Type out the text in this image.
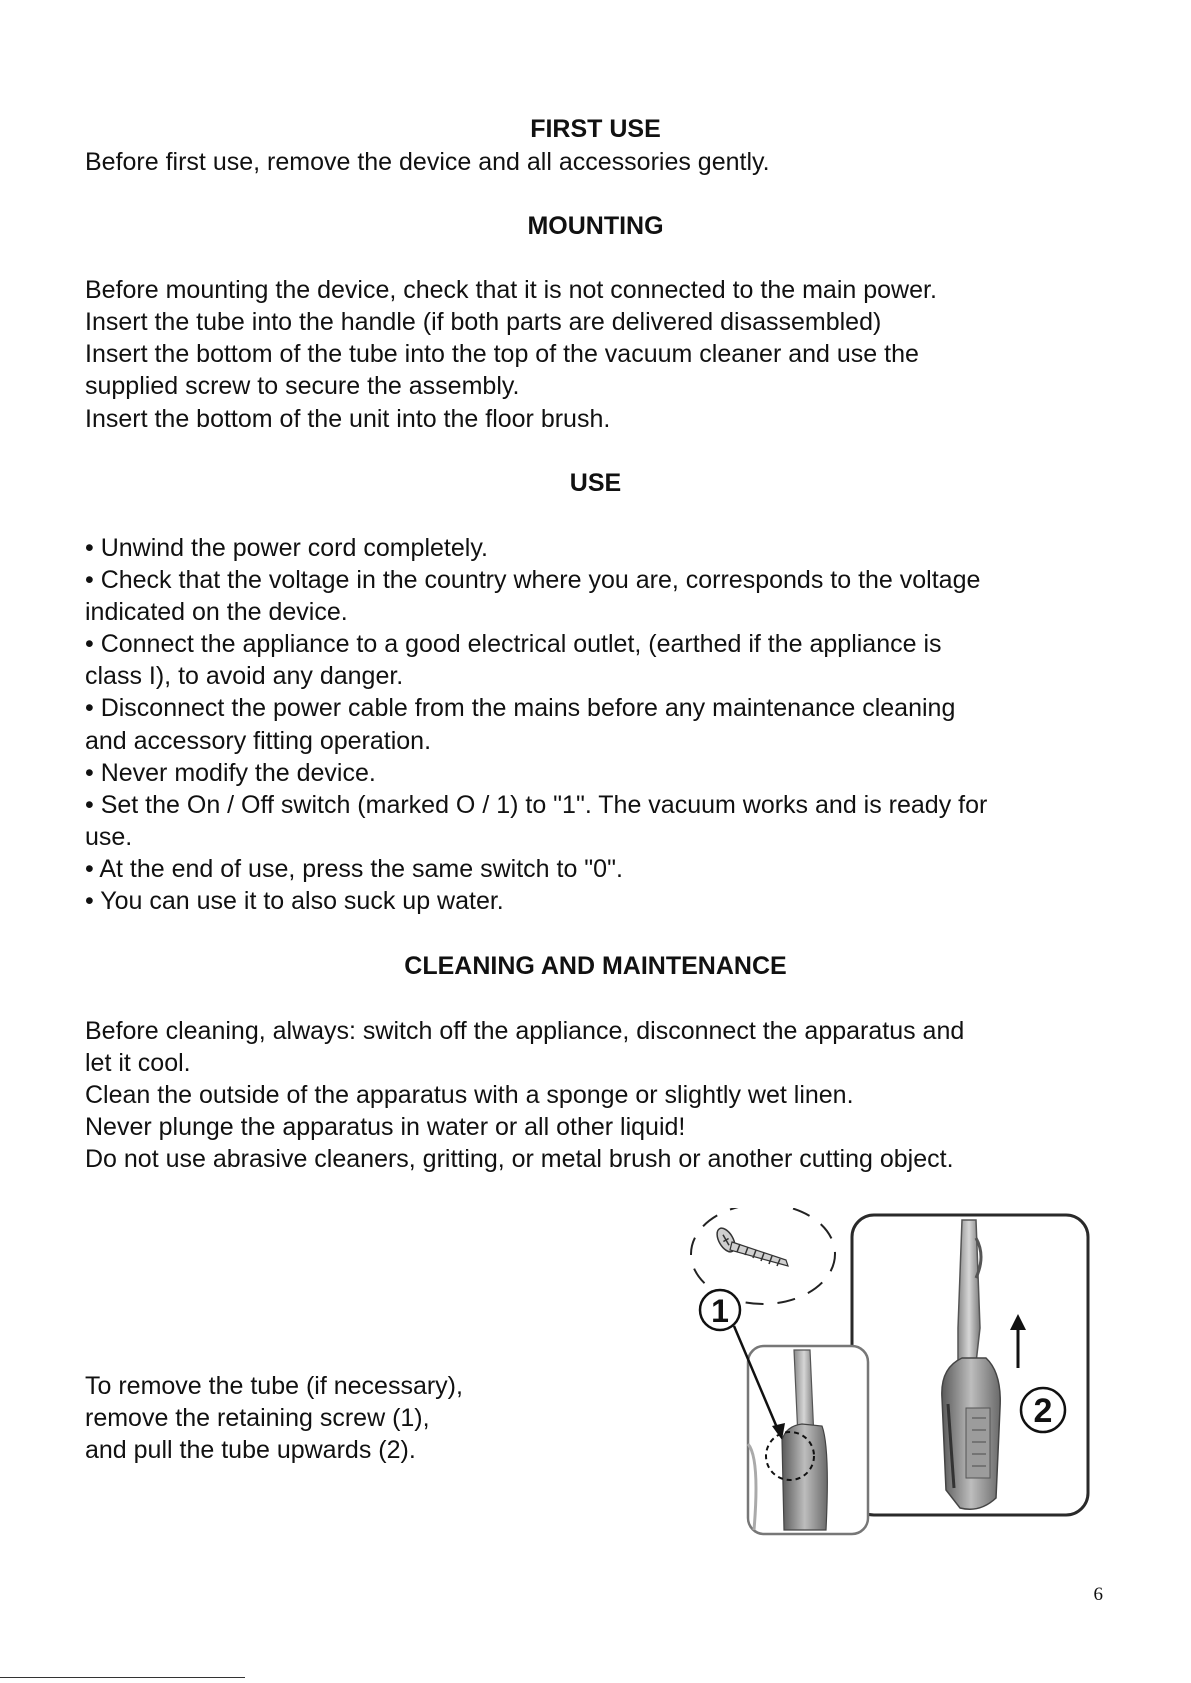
FIRST USE
Before first use, remove the device and all accessories gently.
MOUNTING
Before mounting the device, check that it is not connected to the main power.
Insert the tube into the handle (if both parts are delivered disassembled)
Insert the bottom of the tube into the top of the vacuum cleaner and use the
supplied screw to secure the assembly.
Insert the bottom of the unit into the floor brush.
USE
• Unwind the power cord completely.
• Check that the voltage in the country where you are, corresponds to the voltage
indicated on the device.
• Connect the appliance to a good electrical outlet, (earthed if the appliance is
class I), to avoid any danger.
• Disconnect the power cable from the mains before any maintenance cleaning
and accessory fitting operation.
• Never modify the device.
• Set the On / Off switch (marked O / 1) to "1". The vacuum works and is ready for
use.
• At the end of use, press the same switch to "0".
• You can use it to also suck up water.
CLEANING AND MAINTENANCE
Before cleaning, always: switch off the appliance, disconnect the apparatus and
let it cool.
Clean the outside of the apparatus with a sponge or slightly wet linen.
Never plunge the apparatus in water or all other liquid!
Do not use abrasive cleaners, gritting, or metal brush or another cutting object.
To remove the tube (if necessary),
remove the retaining screw (1),
and pull the tube upwards (2).
2
1
6
